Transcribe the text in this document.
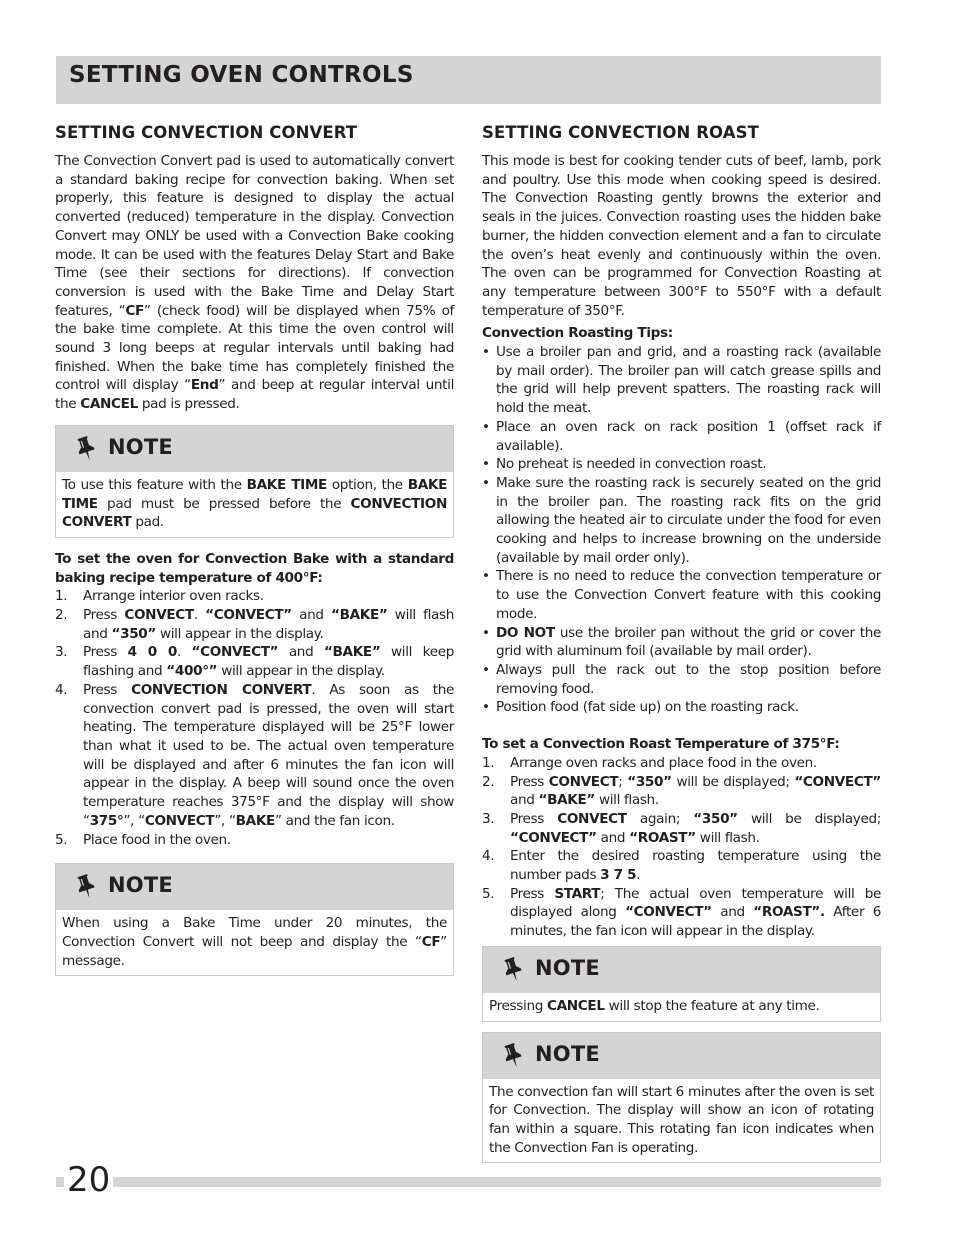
SETTING OVEN CONTROLS
SETTING CONVECTION CONVERT

The Convection Convert pad is used to automatically convert a standard baking recipe for convection baking. When set properly, this feature is designed to display the actual converted (reduced) temperature in the display. Convection Convert may ONLY be used with a Convection Bake cooking mode. It can be used with the features Delay Start and Bake Time (see their sections for directions). If convection conversion is used with the Bake Time and Delay Start features, “CF” (check food) will be displayed when 75% of the bake time complete. At this time the oven control will sound 3 long beeps at regular intervals until baking had finished. When the bake time has completely finished the control will display “End” and beep at regular interval until the CANCEL pad is pressed.

NOTE
To use this feature with the BAKE TIME option, the BAKE TIME pad must be pressed before the CONVECTION CONVERT pad.

To set the oven for Convection Bake with a standard baking recipe temperature of 400°F:

1. Arrange interior oven racks.
2. Press CONVECT. “CONVECT” and “BAKE” will flash and “350” will appear in the display.
3. Press 4 0 0. “CONVECT” and “BAKE” will keep flashing and “400°” will appear in the display.
4. Press CONVECTION CONVERT. As soon as the convection convert pad is pressed, the oven will start heating. The temperature displayed will be 25°F lower than what it used to be. The actual oven temperature will be displayed and after 6 minutes the fan icon will appear in the display. A beep will sound once the oven temperature reaches 375°F and the display will show “375°”, “CONVECT”, “BAKE” and the fan icon.
5. Place food in the oven.
NOTE
When using a Bake Time under 20 minutes, the Convection Convert will not beep and display the “CF” message.
SETTING CONVECTION ROAST

This mode is best for cooking tender cuts of beef, lamb, pork and poultry. Use this mode when cooking speed is desired. The Convection Roasting gently browns the exterior and seals in the juices. Convection roasting uses the hidden bake burner, the hidden convection element and a fan to circulate the oven’s heat evenly and continuously within the oven. The oven can be programmed for Convection Roasting at any temperature between 300°F to 550°F with a default temperature of 350°F.

Convection Roasting Tips:

• Use a broiler pan and grid, and a roasting rack (available by mail order). The broiler pan will catch grease spills and the grid will help prevent spatters. The roasting rack will hold the meat.
• Place an oven rack on rack position 1 (offset rack if available).
• No preheat is needed in convection roast.
• Make sure the roasting rack is securely seated on the grid in the broiler pan. The roasting rack fits on the grid allowing the heated air to circulate under the food for even cooking and helps to increase browning on the underside (available by mail order only).
• There is no need to reduce the convection temperature or to use the Convection Convert feature with this cooking mode.
• DO NOT use the broiler pan without the grid or cover the grid with aluminum foil (available by mail order).
• Always pull the rack out to the stop position before removing food.
• Position food (fat side up) on the roasting rack.

To set a Convection Roast Temperature of 375°F:

1. Arrange oven racks and place food in the oven.
2. Press CONVECT; “350” will be displayed; “CONVECT” and “BAKE” will flash.
3. Press CONVECT again; “350” will be displayed; “CONVECT” and “ROAST” will flash.
4. Enter the desired roasting temperature using the number pads 3 7 5.
5. Press START; The actual oven temperature will be displayed along “CONVECT” and “ROAST”. After 6 minutes, the fan icon will appear in the display.
NOTE
Pressing CANCEL will stop the feature at any time.
NOTE
The convection fan will start 6 minutes after the oven is set for Convection. The display will show an icon of rotating fan within a square. This rotating fan icon indicates when the Convection Fan is operating.
20
